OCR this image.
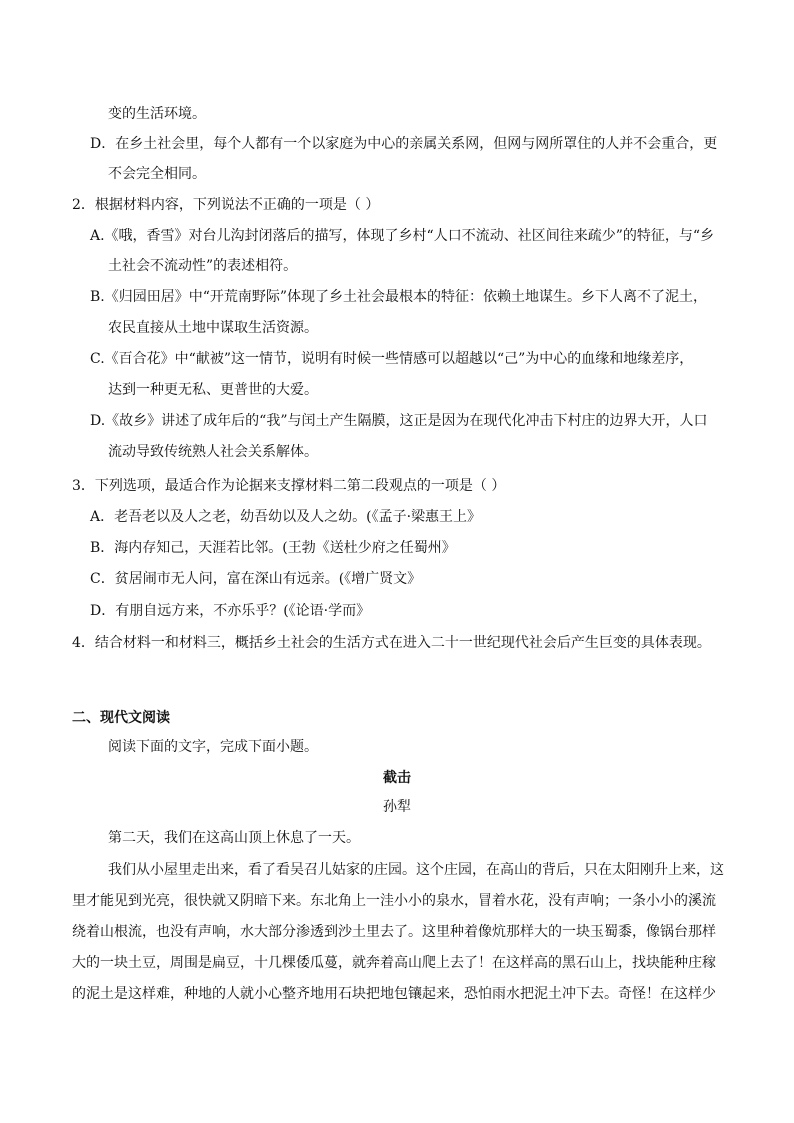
变的生活环境。
D．在乡土社会里，每个人都有一个以家庭为中心的亲属关系网，但网与网所罩住的人并不会重合，更
不会完全相同。
2．根据材料内容，下列说法不正确的一项是（ ）
A.《哦，香雪》对台儿沟封闭落后的描写，体现了乡村“人口不流动、社区间往来疏少”的特征，与“乡
土社会不流动性”的表述相符。
B.《归园田居》中“开荒南野际”体现了乡土社会最根本的特征：依赖土地谋生。乡下人离不了泥土，
农民直接从土地中谋取生活资源。
C.《百合花》中“献被”这一情节，说明有时候一些情感可以超越以“己”为中心的血缘和地缘差序，
达到一种更无私、更普世的大爱。
D.《故乡》讲述了成年后的“我”与闰土产生隔膜，这正是因为在现代化冲击下村庄的边界大开，人口
流动导致传统熟人社会关系解体。
3．下列选项，最适合作为论据来支撑材料二第二段观点的一项是（ ）
A．老吾老以及人之老，幼吾幼以及人之幼。(《孟子·梁惠王上》
B．海内存知己，天涯若比邻。(王勃《送杜少府之任蜀州》
C．贫居闹市无人问，富在深山有远亲。(《增广贤文》
D．有朋自远方来，不亦乐乎？(《论语·学而》
4．结合材料一和材料三，概括乡土社会的生活方式在进入二十一世纪现代社会后产生巨变的具体表现。
二、现代文阅读
阅读下面的文字，完成下面小题。
截击
孙犁
第二天，我们在这高山顶上休息了一天。
我们从小屋里走出来，看了看吴召儿姑家的庄园。这个庄园，在高山的背后，只在太阳刚升上来，这
里才能见到光亮，很快就又阴暗下来。东北角上一洼小小的泉水，冒着水花，没有声响；一条小小的溪流
绕着山根流，也没有声响，水大部分渗透到沙土里去了。这里种着像炕那样大的一块玉蜀黍，像锅台那样
大的一块土豆，周围是扁豆，十几棵倭瓜蔓，就奔着高山爬上去了！在这样高的黑石山上，找块能种庄稼
的泥土是这样难，种地的人就小心整齐地用石块把地包镶起来，恐怕雨水把泥土冲下去。奇怪！在这样少
